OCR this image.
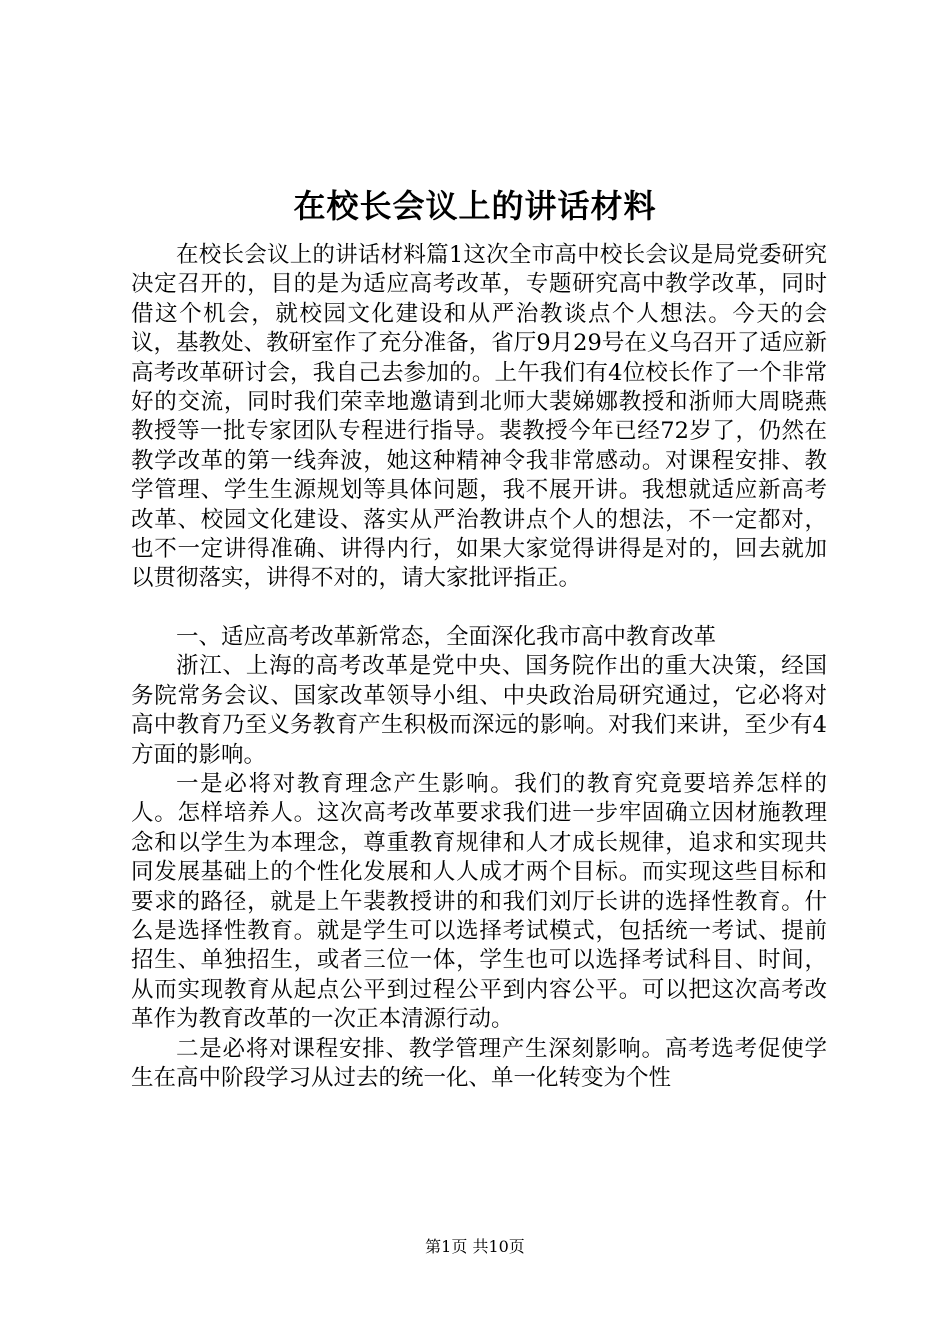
在校长会议上的讲话材料

在校长会议上的讲话材料篇1这次全市高中校长会议是局党委研究决定召开的，目的是为适应高考改革，专题研究高中教学改革，同时借这个机会，就校园文化建设和从严治教谈点个人想法。今天的会议，基教处、教研室作了充分准备，省厅9月29号在义乌召开了适应新高考改革研讨会，我自己去参加的。上午我们有4位校长作了一个非常好的交流，同时我们荣幸地邀请到北师大裴娣娜教授和浙师大周晓燕教授等一批专家团队专程进行指导。裴教授今年已经72岁了，仍然在教学改革的第一线奔波，她这种精神令我非常感动。对课程安排、教学管理、学生生源规划等具体问题，我不展开讲。我想就适应新高考改革、校园文化建设、落实从严治教讲点个人的想法，不一定都对，也不一定讲得准确、讲得内行，如果大家觉得讲得是对的，回去就加以贯彻落实，讲得不对的，请大家批评指正。

一、适应高考改革新常态，全面深化我市高中教育改革

浙江、上海的高考改革是党中央、国务院作出的重大决策，经国务院常务会议、国家改革领导小组、中央政治局研究通过，它必将对高中教育乃至义务教育产生积极而深远的影响。对我们来讲，至少有4方面的影响。

一是必将对教育理念产生影响。我们的教育究竟要培养怎样的人。怎样培养人。这次高考改革要求我们进一步牢固确立因材施教理念和以学生为本理念，尊重教育规律和人才成长规律，追求和实现共同发展基础上的个性化发展和人人成才两个目标。而实现这些目标和要求的路径，就是上午裴教授讲的和我们刘厅长讲的选择性教育。什么是选择性教育。就是学生可以选择考试模式，包括统一考试、提前招生、单独招生，或者三位一体，学生也可以选择考试科目、时间，从而实现教育从起点公平到过程公平到内容公平。可以把这次高考改革作为教育改革的一次正本清源行动。

二是必将对课程安排、教学管理产生深刻影响。高考选考促使学生在高中阶段学习从过去的统一化、单一化转变为个性

第1页 共10页
